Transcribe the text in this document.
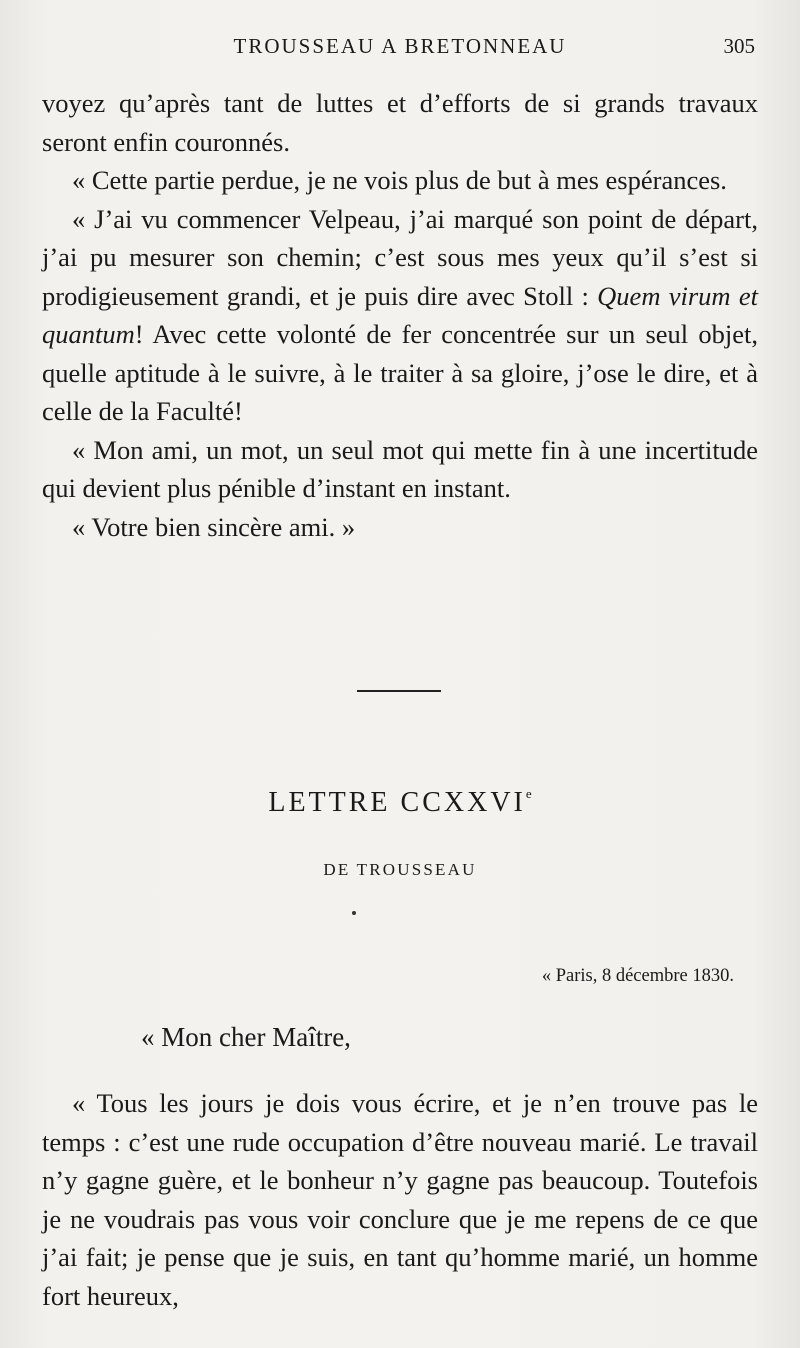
TROUSSEAU A BRETONNEAU	305

voyez qu’après tant de luttes et d’efforts de si grands travaux seront enfin couronnés.

« Cette partie perdue, je ne vois plus de but à mes espérances.

« J’ai vu commencer Velpeau, j’ai marqué son point de départ, j’ai pu mesurer son chemin; c’est sous mes yeux qu’il s’est si prodigieusement grandi, et je puis dire avec Stoll : Quem virum et quantum! Avec cette volonté de fer concentrée sur un seul objet, quelle aptitude à le suivre, à le traiter à sa gloire, j’ose le dire, et à celle de la Faculté!

« Mon ami, un mot, un seul mot qui mette fin à une incertitude qui devient plus pénible d’instant en instant.

« Votre bien sincère ami. »

LETTRE CCXXVIe
DE TROUSSEAU
« Paris, 8 décembre 1830.
« Mon cher Maître,

« Tous les jours je dois vous écrire, et je n’en trouve pas le temps : c’est une rude occupation d’être nouveau marié. Le travail n’y gagne guère, et le bonheur n’y gagne pas beaucoup. Toutefois je ne voudrais pas vous voir conclure que je me repens de ce que j’ai fait; je pense que je suis, en tant qu’homme marié, un homme fort heureux,
